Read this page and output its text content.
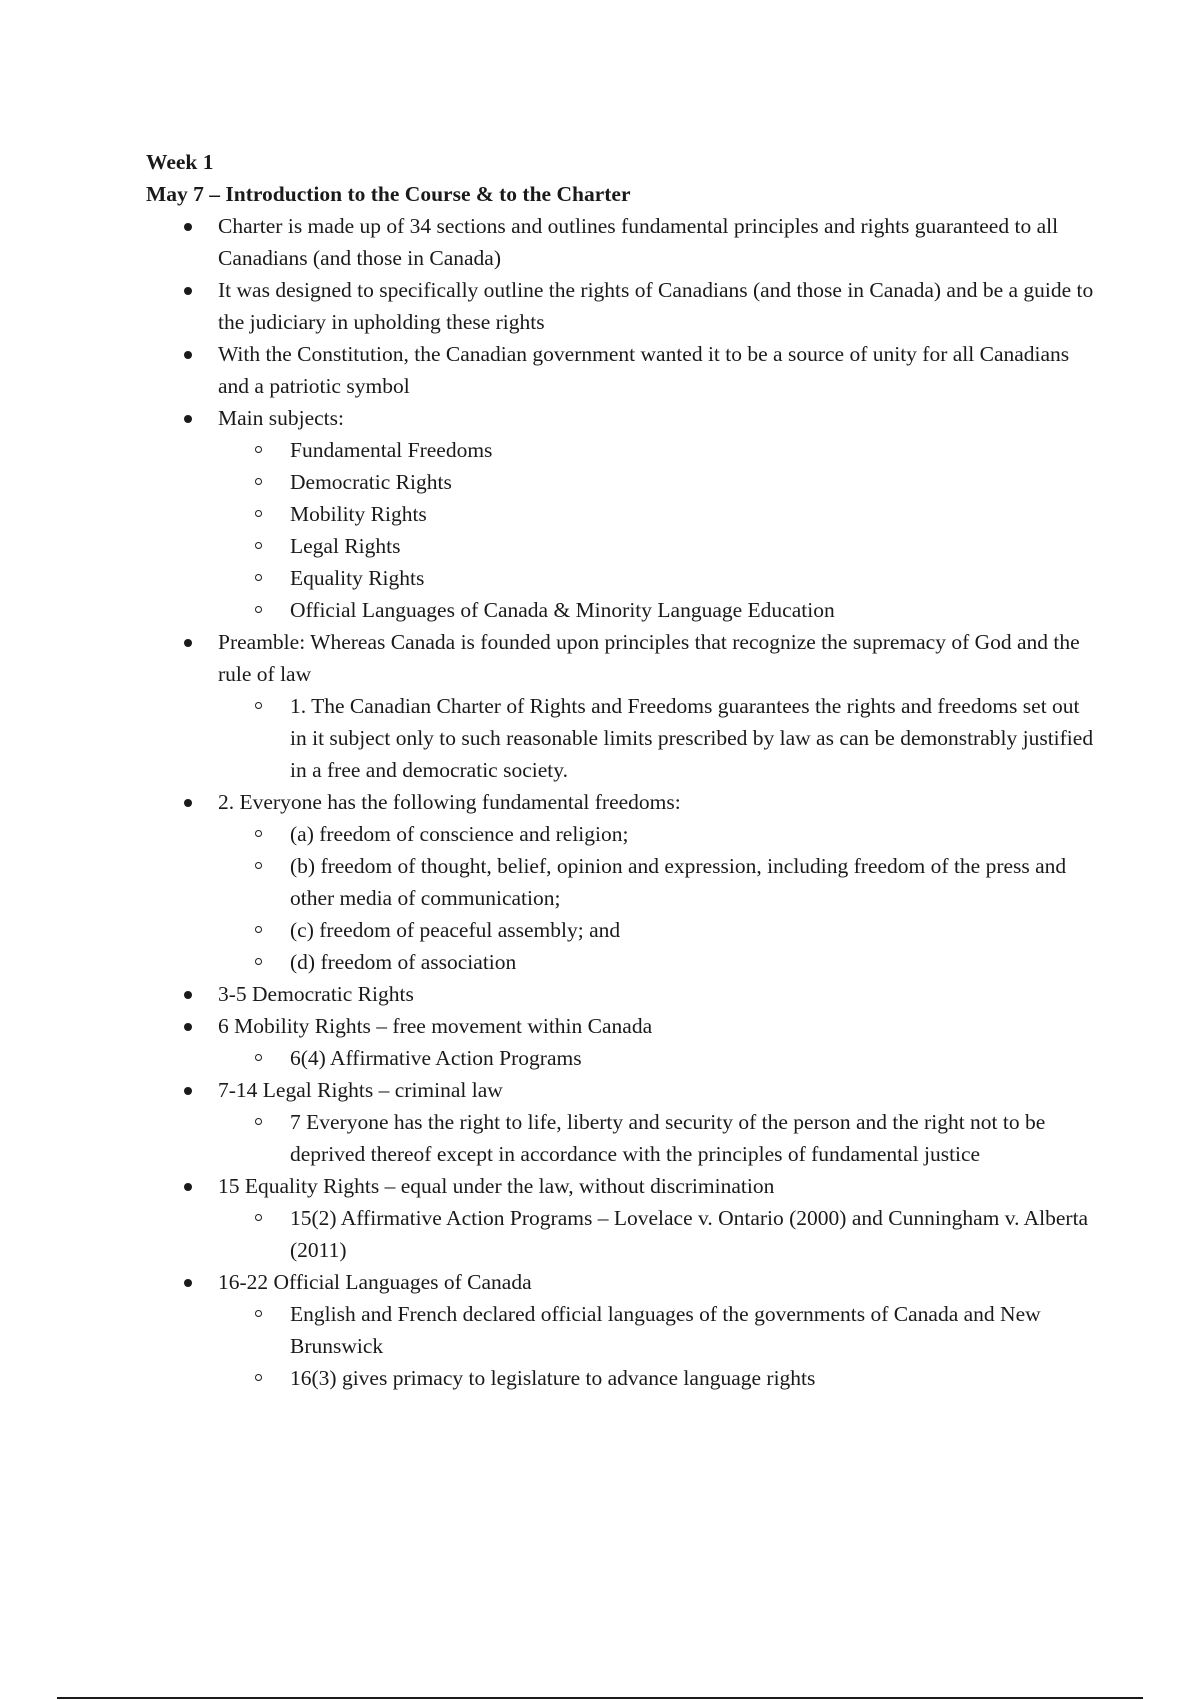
Week 1

May 7 – Introduction to the Course & to the Charter

Charter is made up of 34 sections and outlines fundamental principles and rights guaranteed to all Canadians (and those in Canada)
It was designed to specifically outline the rights of Canadians (and those in Canada) and be a guide to the judiciary in upholding these rights
With the Constitution, the Canadian government wanted it to be a source of unity for all Canadians and a patriotic symbol
Main subjects:
Fundamental Freedoms
Democratic Rights
Mobility Rights
Legal Rights
Equality Rights
Official Languages of Canada & Minority Language Education
Preamble: Whereas Canada is founded upon principles that recognize the supremacy of God and the rule of law
1. The Canadian Charter of Rights and Freedoms guarantees the rights and freedoms set out in it subject only to such reasonable limits prescribed by law as can be demonstrably justified in a free and democratic society.
2. Everyone has the following fundamental freedoms:
(a) freedom of conscience and religion;
(b) freedom of thought, belief, opinion and expression, including freedom of the press and other media of communication;
(c) freedom of peaceful assembly; and
(d) freedom of association
3-5 Democratic Rights
6 Mobility Rights – free movement within Canada
6(4) Affirmative Action Programs
7-14 Legal Rights – criminal law
7 Everyone has the right to life, liberty and security of the person and the right not to be deprived thereof except in accordance with the principles of fundamental justice
15 Equality Rights – equal under the law, without discrimination
15(2) Affirmative Action Programs – Lovelace v. Ontario (2000) and Cunningham v. Alberta (2011)
16-22 Official Languages of Canada
English and French declared official languages of the governments of Canada and New Brunswick
16(3) gives primacy to legislature to advance language rights
